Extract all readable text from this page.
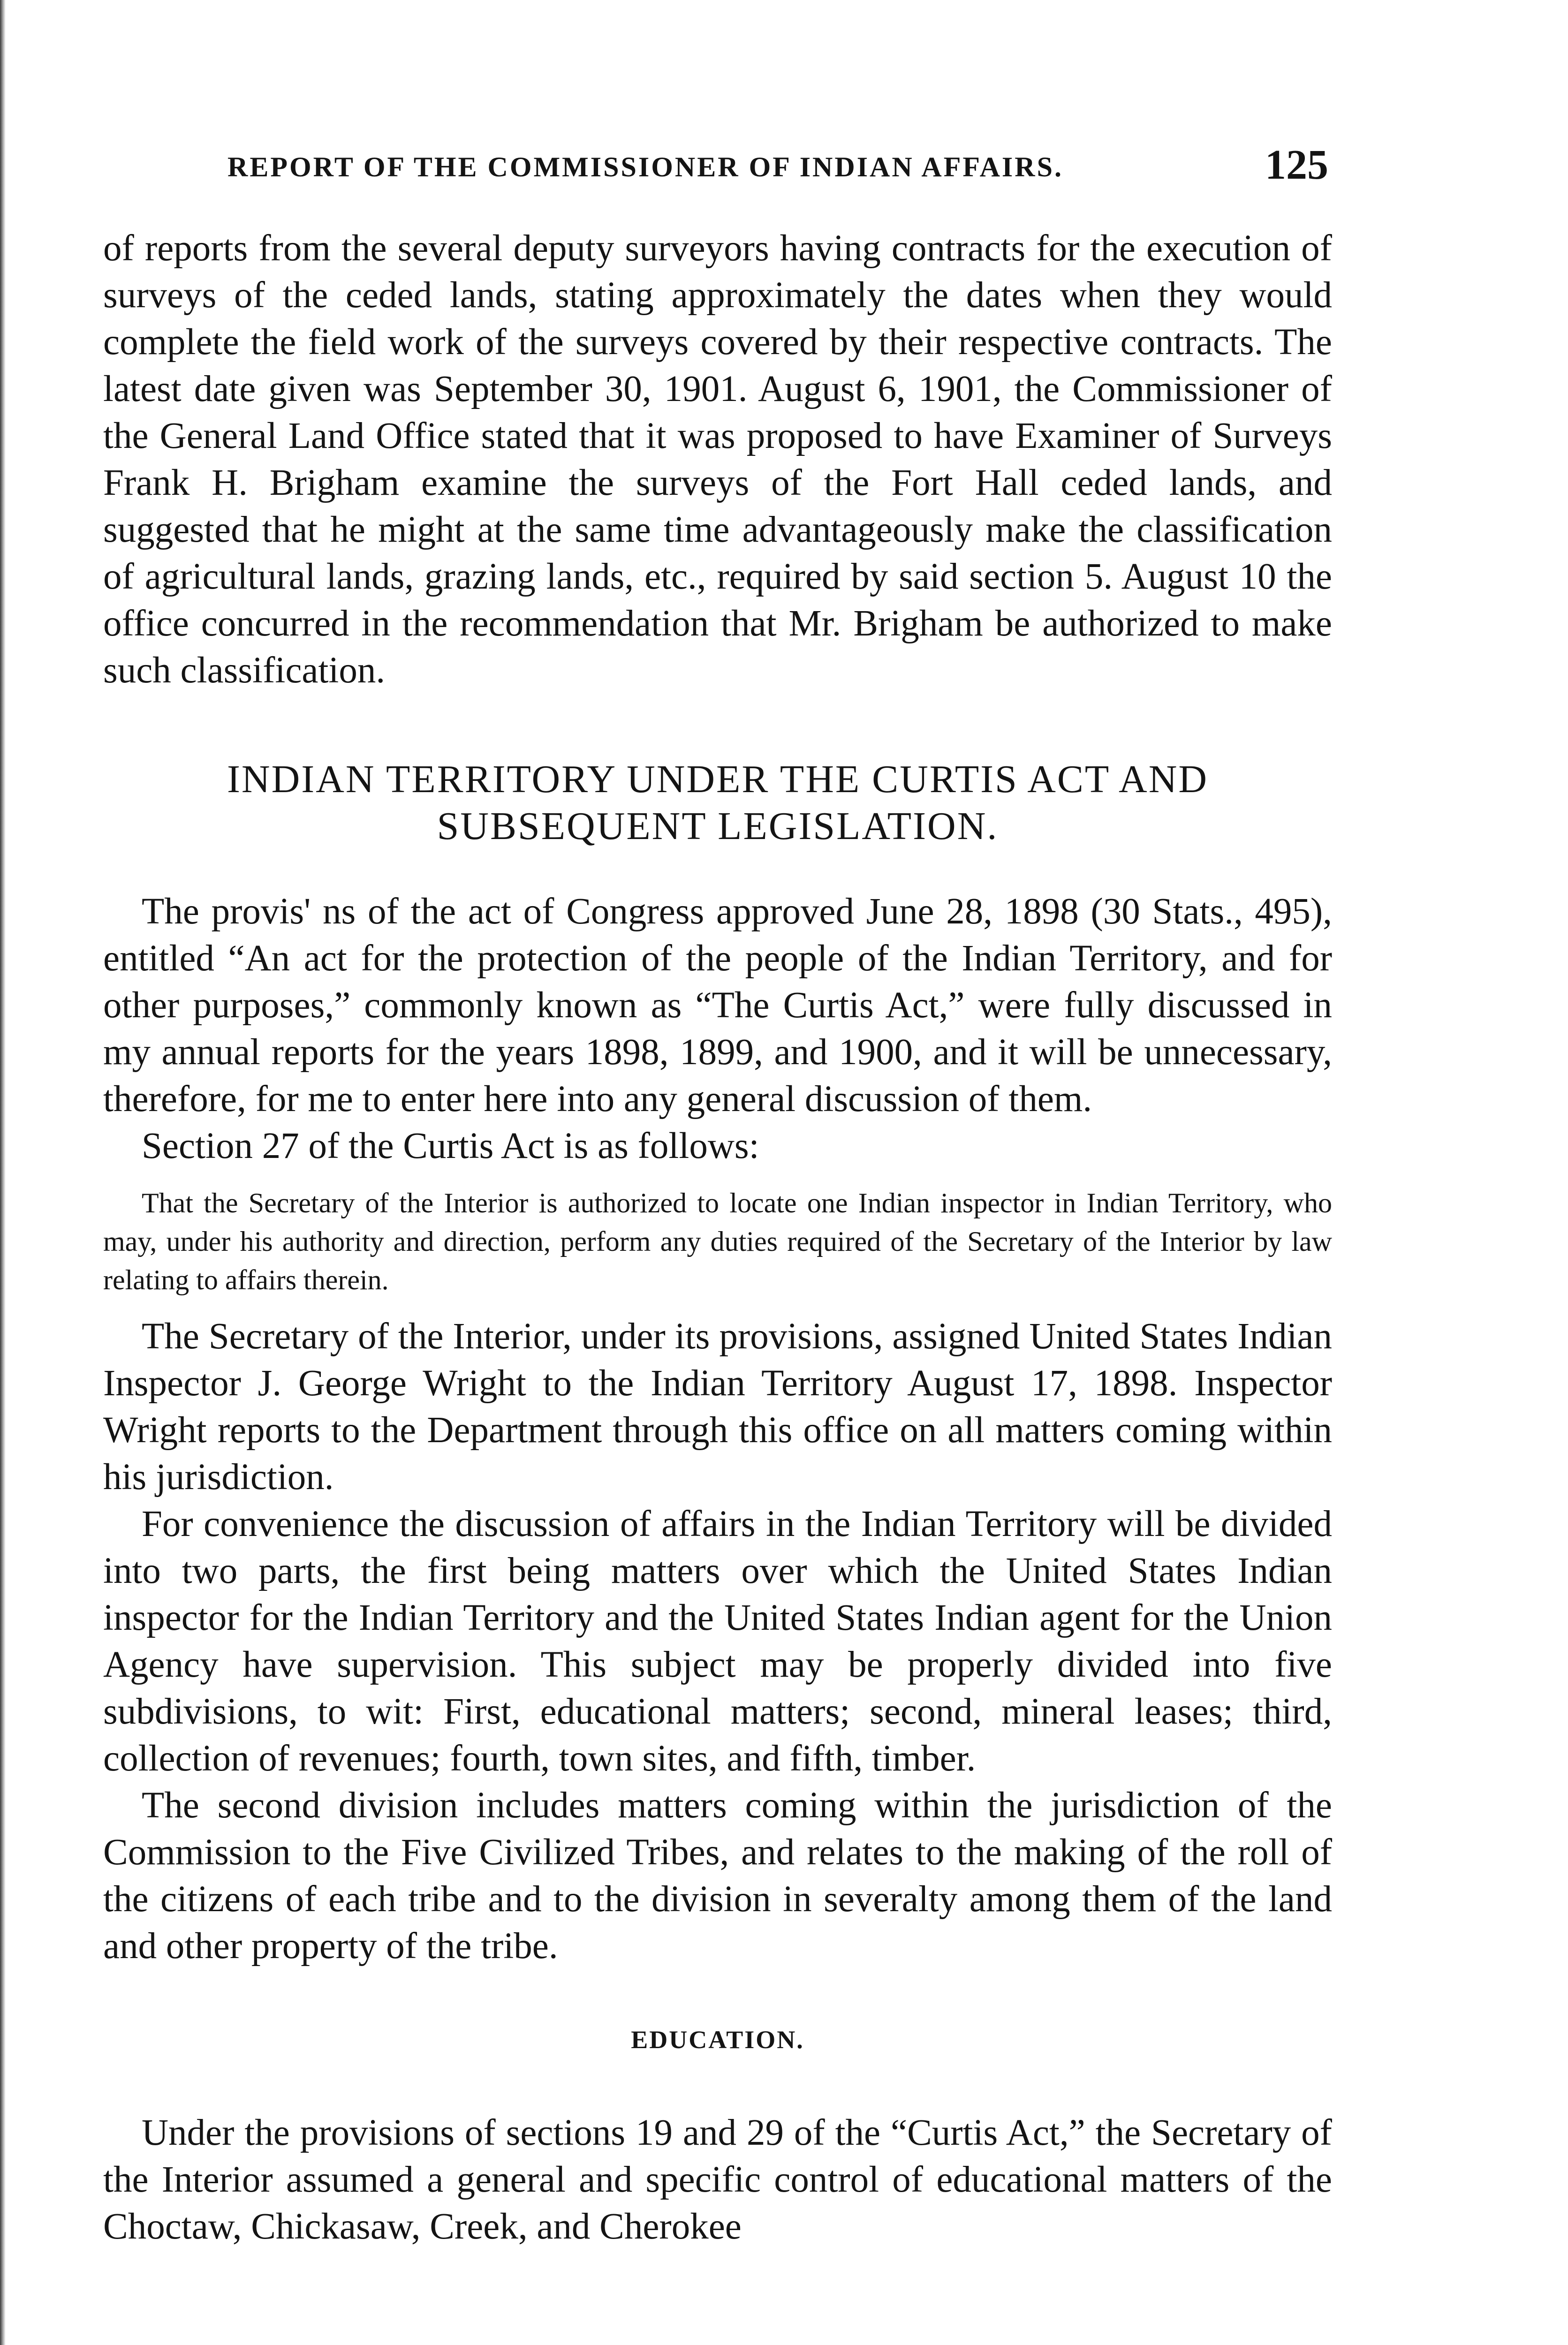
REPORT OF THE COMMISSIONER OF INDIAN AFFAIRS.	125

of reports from the several deputy surveyors having contracts for the execution of surveys of the ceded lands, stating approximately the dates when they would complete the field work of the surveys covered by their respective contracts. The latest date given was September 30, 1901. August 6, 1901, the Commissioner of the General Land Office stated that it was proposed to have Examiner of Surveys Frank H. Brigham examine the surveys of the Fort Hall ceded lands, and suggested that he might at the same time advantageously make the classification of agricultural lands, grazing lands, etc., required by said section 5. August 10 the office concurred in the recommendation that Mr. Brigham be authorized to make such classification.

INDIAN TERRITORY UNDER THE CURTIS ACT AND
SUBSEQUENT LEGISLATION.

The provis' ns of the act of Congress approved June 28, 1898 (30 Stats., 495), entitled “An act for the protection of the people of the Indian Territory, and for other purposes,” commonly known as “The Curtis Act,” were fully discussed in my annual reports for the years 1898, 1899, and 1900, and it will be unnecessary, therefore, for me to enter here into any general discussion of them.

Section 27 of the Curtis Act is as follows:

That the Secretary of the Interior is authorized to locate one Indian inspector in Indian Territory, who may, under his authority and direction, perform any duties required of the Secretary of the Interior by law relating to affairs therein.

The Secretary of the Interior, under its provisions, assigned United States Indian Inspector J. George Wright to the Indian Territory August 17, 1898. Inspector Wright reports to the Department through this office on all matters coming within his jurisdiction.

For convenience the discussion of affairs in the Indian Territory will be divided into two parts, the first being matters over which the United States Indian inspector for the Indian Territory and the United States Indian agent for the Union Agency have supervision. This subject may be properly divided into five subdivisions, to wit: First, educational matters; second, mineral leases; third, collection of revenues; fourth, town sites, and fifth, timber.

The second division includes matters coming within the jurisdiction of the Commission to the Five Civilized Tribes, and relates to the making of the roll of the citizens of each tribe and to the division in severalty among them of the land and other property of the tribe.

EDUCATION.

Under the provisions of sections 19 and 29 of the “Curtis Act,” the Secretary of the Interior assumed a general and specific control of educational matters of the Choctaw, Chickasaw, Creek, and Cherokee
